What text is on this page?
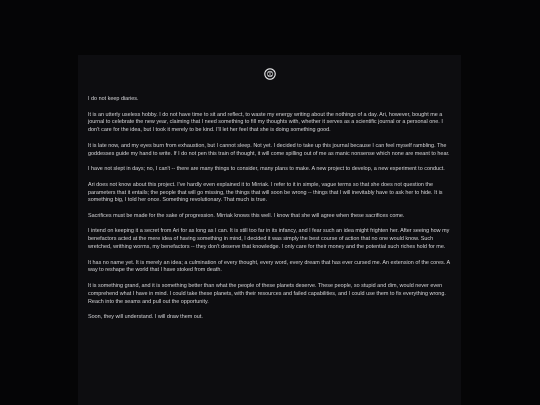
I do not keep diaries.

It is an utterly useless hobby. I do not have time to sit and reflect, to waste my energy writing about the nothings of a day. Ari, however, bought me a journal to celebrate the new year, claiming that I need something to fill my thoughts with, whether it serves as a scientific journal or a personal one. I don't care for the idea, but I took it merely to be kind. I'll let her feel that she is doing something good.

It is late now, and my eyes burn from exhaustion, but I cannot sleep. Not yet. I decided to take up this journal because I can feel myself rambling. The goddesses guide my hand to write. If I do not pen this train of thought, it will come spilling out of me as manic nonsense which none are meant to hear.

I have not slept in days; no, I can't -- there are many things to consider, many plans to make. A new project to develop, a new experiment to conduct.

Ari does not know about this project. I've hardly even explained it to Mirriak. I refer to it in simple, vague terms so that she does not question the parameters that it entails; the people that will go missing, the things that will soon be wrong -- things that I will inevitably have to ask her to hide. It is something big, I told her once. Something revolutionary. That much is true.

Sacrifices must be made for the sake of progression. Mirriak knows this well. I know that she will agree when these sacrifices come.

I intend on keeping it a secret from Ari for as long as I can. It is still too far in its infancy, and I fear such an idea might frighten her. After seeing how my benefactors acted at the mere idea of having something in mind, I decided it was simply the best course of action that no one would know. Such wretched, writhing worms, my benefactors -- they don't deserve that knowledge. I only care for their money and the potential such riches hold for me.

It has no name yet. It is merely an idea; a culmination of every thought, every word, every dream that has ever cursed me. An extension of the cores. A way to reshape the world that I have stoked from death.

It is something grand, and it is something better than what the people of these planets deserve. These people, so stupid and dim, would never even comprehend what I have in mind. I could take these planets, with their resources and failed capabilities, and I could use them to fix everything wrong. Reach into the seams and pull out the opportunity.

Soon, they will understand. I will draw them out.
